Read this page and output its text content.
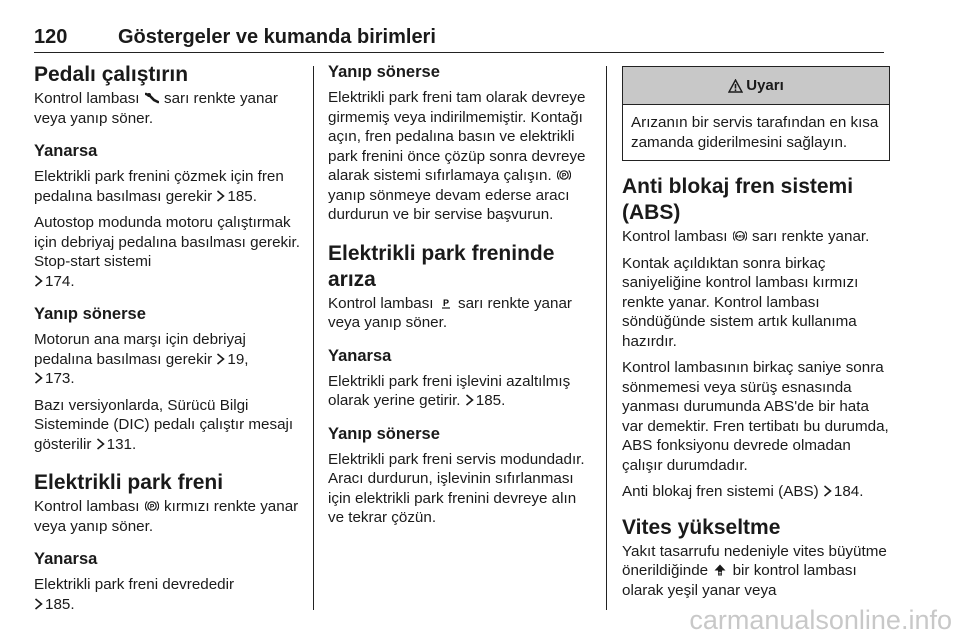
120	Göstergeler ve kumanda birimleri
Pedalı çalıştırın

Kontrol lambası sarı renkte yanar veya yanıp söner.

Yanarsa

Elektrikli park frenini çözmek için fren pedalına basılması gerekir 185.

Autostop modunda motoru çalıştırmak için debriyaj pedalına basılması gerekir. Stop-start sistemi
174.

Yanıp sönerse

Motorun ana marşı için debriyaj pedalına basılması gerekir 19,
173.

Bazı versiyonlarda, Sürücü Bilgi Sisteminde (DIC) pedalı çalıştır mesajı gösterilir 131.

Elektrikli park freni

Kontrol lambası P kırmızı renkte yanar veya yanıp söner.

Yanarsa

Elektrikli park freni devrededir
185.

Yanıp sönerse

Elektrikli park freni tam olarak devreye girmemiş veya indirilmemiştir. Kontağı açın, fren pedalına basın ve elektrikli park frenini önce çözüp sonra devreye alarak sistemi sıfırlamaya çalışın. P
yanıp sönmeye devam ederse aracı durdurun ve bir servise başvurun.

Elektrikli park freninde arıza

Kontrol lambası P sarı renkte yanar veya yanıp söner.

Yanarsa

Elektrikli park freni işlevini azaltılmış olarak yerine getirir. 185.

Yanıp sönerse

Elektrikli park freni servis modundadır. Aracı durdurun, işlevinin sıfırlanması için elektrikli park frenini devreye alın ve tekrar çözün.

Uyarı

Arızanın bir servis tarafından en kısa zamanda giderilmesini sağlayın.

Anti blokaj fren sistemi (ABS)

Kontrol lambası ABS sarı renkte yanar.

Kontak açıldıktan sonra birkaç saniyeliğine kontrol lambası kırmızı renkte yanar. Kontrol lambası söndüğünde sistem artık kullanıma hazırdır.

Kontrol lambasının birkaç saniye sonra sönmemesi veya sürüş esnasında yanması durumunda ABS'de bir hata var demektir. Fren tertibatı bu durumda, ABS fonksiyonu devrede olmadan çalışır durumdadır.

Anti blokaj fren sistemi (ABS) 184.

Vites yükseltme

Yakıt tasarrufu nedeniyle vites büyütme önerildiğinde bir kontrol lambası olarak yeşil yanar veya

carmanualsonline.info
